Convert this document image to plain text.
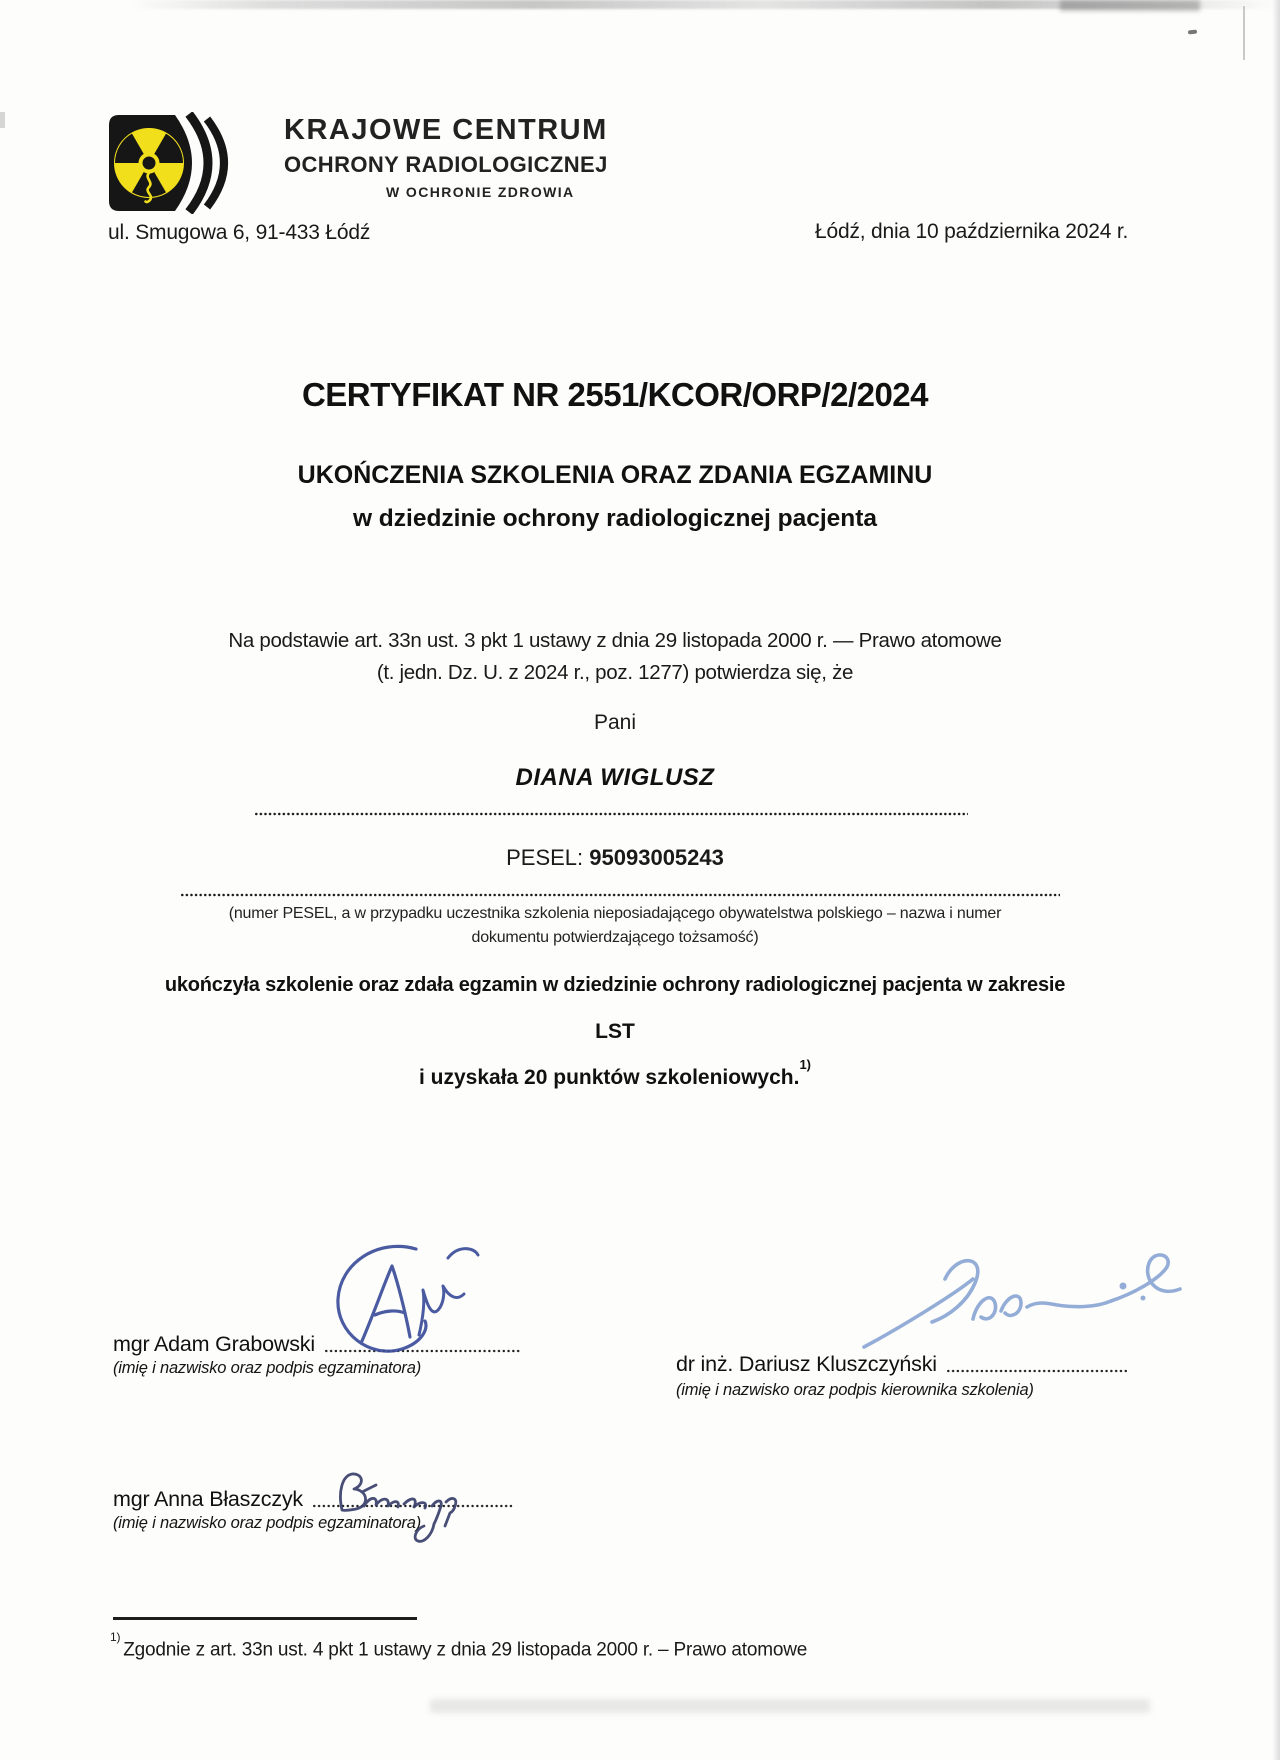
KRAJOWE CENTRUM
OCHRONY RADIOLOGICZNEJ
W OCHRONIE ZDROWIA
ul. Smugowa 6, 91-433 Łódź	Łódź, dnia 10 października 2024 r.
CERTYFIKAT NR 2551/KCOR/ORP/2/2024
UKOŃCZENIA SZKOLENIA ORAZ ZDANIA EGZAMINU
w dziedzinie ochrony radiologicznej pacjenta
Na podstawie art. 33n ust. 3 pkt 1 ustawy z dnia 29 listopada 2000 r. — Prawo atomowe
(t. jedn. Dz. U. z 2024 r., poz. 1277) potwierdza się, że
Pani
DIANA WIGLUSZ
PESEL: 95093005243
(numer PESEL, a w przypadku uczestnika szkolenia nieposiadającego obywatelstwa polskiego – nazwa i numer
dokumentu potwierdzającego tożsamość)
ukończyła szkolenie oraz zdała egzamin w dziedzinie ochrony radiologicznej pacjenta w zakresie
LST
i uzyskała 20 punktów szkoleniowych.$^{1)}$
mgr Adam Grabowski
(imię i nazwisko oraz podpis egzaminatora)	dr inż. Dariusz Kluszczyński
(imię i nazwisko oraz podpis kierownika szkolenia)
mgr Anna Błaszczyk
(imię i nazwisko oraz podpis egzaminatora)
$^{1)}$Zgodnie z art. 33n ust. 4 pkt 1 ustawy z dnia 29 listopada 2000 r. – Prawo atomowe
